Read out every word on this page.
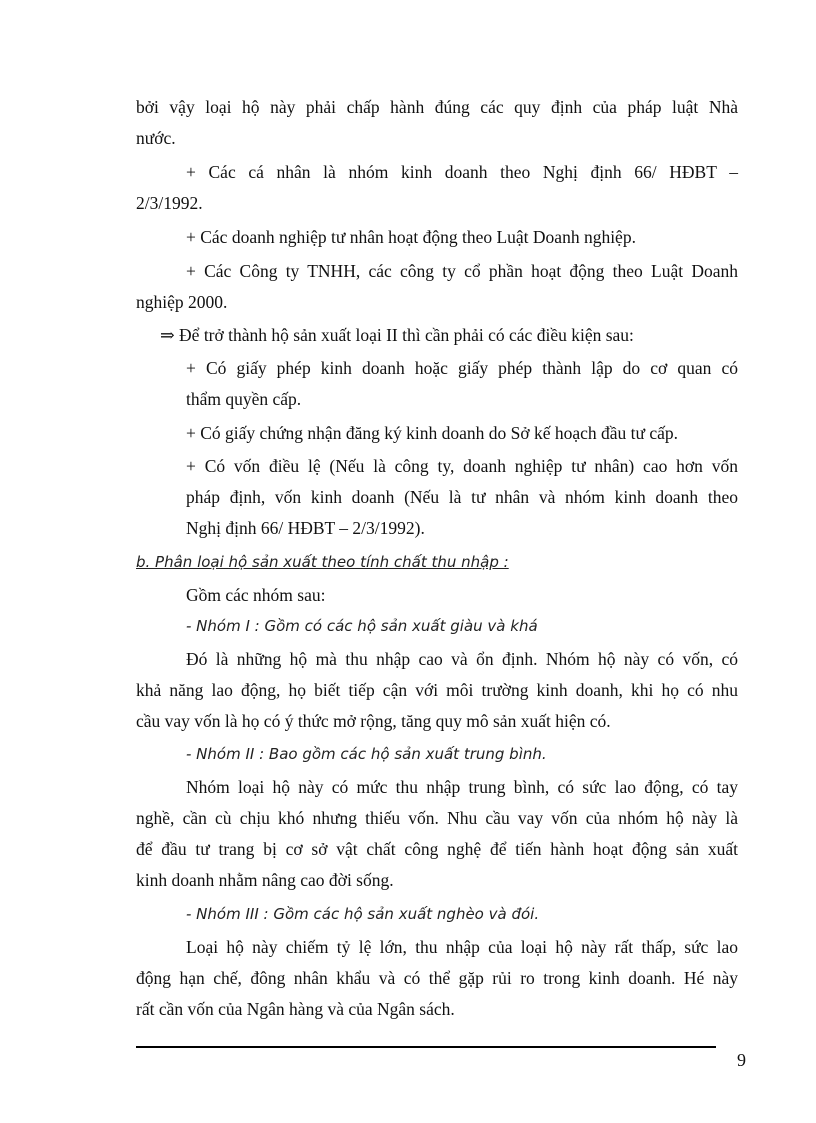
bởi vậy loại hộ này phải chấp hành đúng các quy định của pháp luật Nhà
nước.
+ Các cá nhân là nhóm kinh doanh theo Nghị định 66/ HĐBT –
2/3/1992.
+ Các doanh nghiệp tư nhân hoạt động theo Luật Doanh nghiệp.
+ Các Công ty TNHH, các công ty cổ phần hoạt động theo Luật Doanh
nghiệp 2000.
⇒ Để trở thành hộ sản xuất loại II thì cần phải có các điều kiện sau:
+ Có giấy phép kinh doanh hoặc giấy phép thành lập do cơ quan có
thẩm quyền cấp.
+ Có giấy chứng nhận đăng ký kinh doanh do Sở kế hoạch đầu tư cấp.
+ Có vốn điều lệ (Nếu là công ty, doanh nghiệp tư nhân) cao hơn vốn
pháp định, vốn kinh doanh (Nếu là tư nhân và nhóm kinh doanh theo
Nghị định 66/ HĐBT – 2/3/1992).
b. Phân loại hộ sản xuất theo tính chất thu nhập :
Gồm các nhóm sau:
- Nhóm I : Gồm có các hộ sản xuất giàu và khá
Đó là những hộ mà thu nhập cao và ổn định. Nhóm hộ này có vốn, có
khả năng lao động, họ biết tiếp cận với môi trường kinh doanh, khi họ có nhu
cầu vay vốn là họ có ý thức mở rộng, tăng quy mô sản xuất hiện có.
- Nhóm II : Bao gồm các hộ sản xuất trung bình.
Nhóm loại hộ này có mức thu nhập trung bình, có sức lao động, có tay
nghề, cần cù chịu khó nhưng thiếu vốn. Nhu cầu vay vốn của nhóm hộ này là
để đầu tư trang bị cơ sở vật chất công nghệ để tiến hành hoạt động sản xuất
kinh doanh nhằm nâng cao đời sống.
- Nhóm III : Gồm các hộ sản xuất nghèo và đói.
Loại hộ này chiếm tỷ lệ lớn, thu nhập của loại hộ này rất thấp, sức lao
động hạn chế, đông nhân khẩu và có thể gặp rủi ro trong kinh doanh. Hé này
rất cần vốn của Ngân hàng và của Ngân sách.
9
